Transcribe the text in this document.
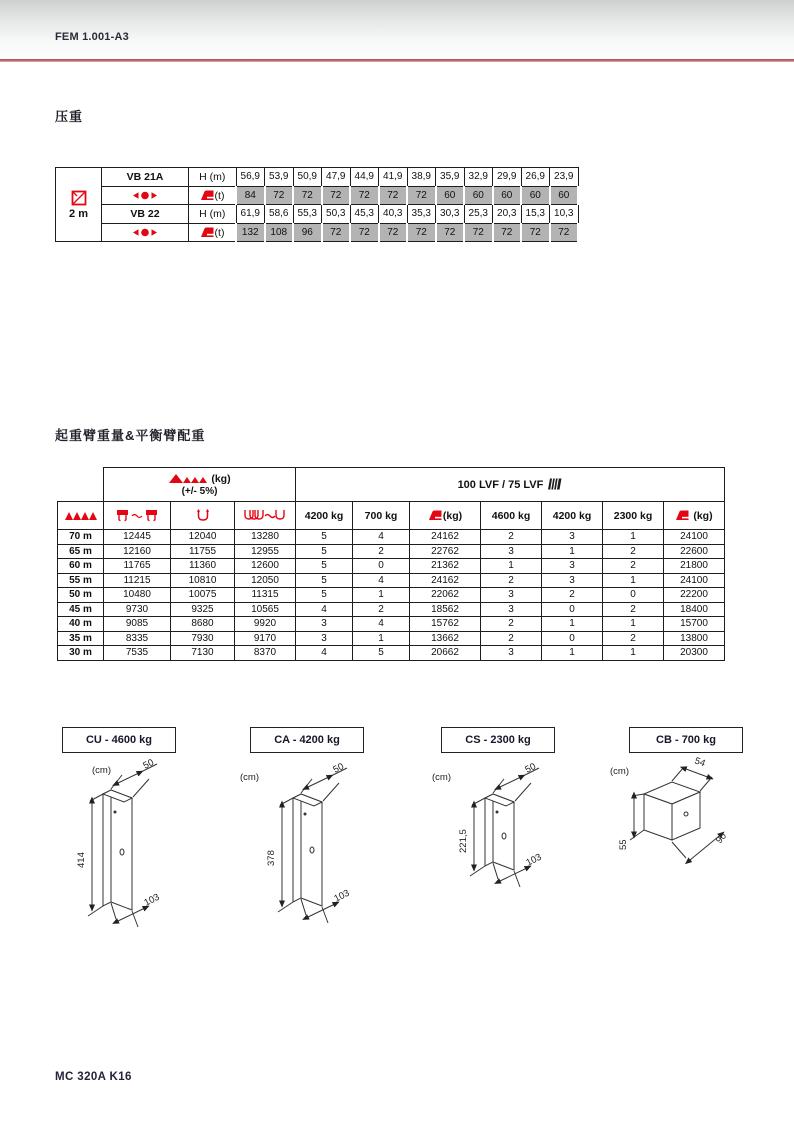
FEM 1.001-A3
压重
2 m	VB 21A	H (m)	56,9	53,9	50,9	47,9	44,9	41,9	38,9	35,9	32,9	29,9	26,9	23,9
	(t)	84	72	72	72	72	72	72	60	60	60	60	60
	VB 22	H (m)	61,9	58,6	55,3	50,3	45,3	40,3	35,3	30,3	25,3	20,3	15,3	10,3
	(t)	132	108	96	72	72	72	72	72	72	72	72	72
起重臂重量&平衡臂配重

	(kg)
(+/- 5%)			100 LVF / 75 LVF						
				4200 kg	700 kg	(kg)	4600 kg	4200 kg	2300 kg	(kg)
70 m	12445	12040	13280	5	4	24162	2	3	1	24100
65 m	12160	11755	12955	5	2	22762	3	1	2	22600
60 m	11765	11360	12600	5	0	21362	1	3	2	21800
55 m	11215	10810	12050	5	4	24162	2	3	1	24100
50 m	10480	10075	11315	5	1	22062	3	2	0	22200
45 m	9730	9325	10565	4	2	18562	3	0	2	18400
40 m	9085	8680	9920	3	4	15762	2	1	1	15700
35 m	8335	7930	9170	3	1	13662	2	0	2	13800
30 m	7535	7130	8370	4	5	20662	3	1	1	20300
CU - 4600 kg	CA - 4200 kg	CS - 2300 kg	CB - 700 kg
(cm)
414
50
103
(cm)
378
50
103
(cm)
221,5
50
103
(cm)
54
55	90
MC 320A K16
